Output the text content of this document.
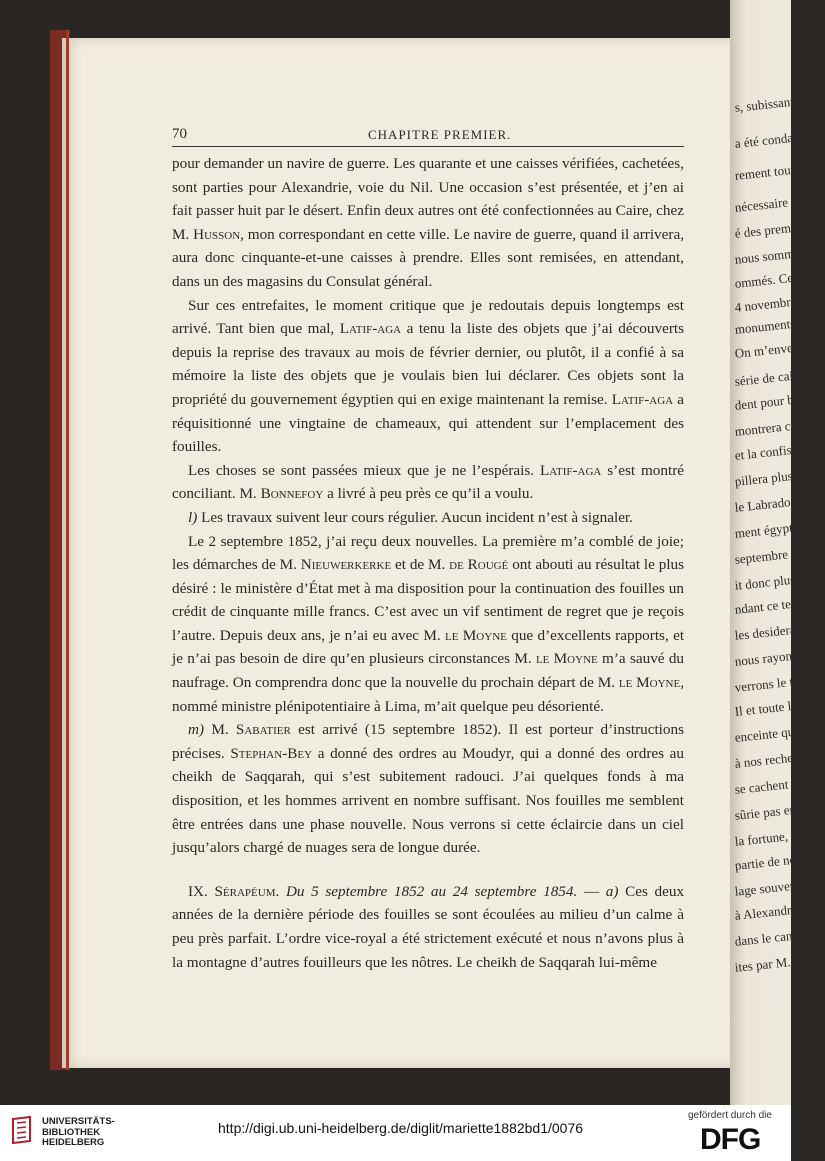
s, subissant quel
a été condamné.
rement toute lib
nécessaire pour p
é des premiers
nous sommes
ommés. Cepen
4 novembre 1
monuments dé
On m’enverra
série de caisse
dent pour bien
montrera concil
et la confiscati
pillera plus au
le Labrador e
ment égyptien, 1
septembre 18
it donc plus in
ndant ce temps
les desiderata q
nous rayon
verrons le ten
Il et toute la zo
enceinte que
à nos recherch
se cachent da
sûrie pas encor
la fortune, l
partie de notre
lage souvent t
à Alexandr
dans le canal
ites par M. de I
70	CHAPITRE PREMIER.

pour demander un navire de guerre. Les quarante et une caisses vérifiées, cachetées, sont parties pour Alexandrie, voie du Nil. Une occasion s’est présentée, et j’en ai fait passer huit par le désert. Enfin deux autres ont été confectionnées au Caire, chez M. Husson, mon correspondant en cette ville. Le navire de guerre, quand il arrivera, aura donc cinquante-et-une caisses à prendre. Elles sont remisées, en attendant, dans un des magasins du Consulat général.

Sur ces entrefaites, le moment critique que je redoutais depuis longtemps est arrivé. Tant bien que mal, Latif-aga a tenu la liste des objets que j’ai découverts depuis la reprise des travaux au mois de février dernier, ou plutôt, il a confié à sa mémoire la liste des objets que je voulais bien lui déclarer. Ces objets sont la propriété du gouvernement égyptien qui en exige maintenant la remise. Latif-aga a réquisitionné une vingtaine de chameaux, qui attendent sur l’emplacement des fouilles.

Les choses se sont passées mieux que je ne l’espérais. Latif-aga s’est montré conciliant. M. Bonnefoy a livré à peu près ce qu’il a voulu.

l) Les travaux suivent leur cours régulier. Aucun incident n’est à signaler.

Le 2 septembre 1852, j’ai reçu deux nouvelles. La première m’a comblé de joie; les démarches de M. Nieuwerkerke et de M. de Rougé ont abouti au résultat le plus désiré : le ministère d’État met à ma disposition pour la continuation des fouilles un crédit de cinquante mille francs. C’est avec un vif sentiment de regret que je reçois l’autre. Depuis deux ans, je n’ai eu avec M. le Moyne que d’excellents rapports, et je n’ai pas besoin de dire qu’en plusieurs circonstances M. le Moyne m’a sauvé du naufrage. On comprendra donc que la nouvelle du prochain départ de M. le Moyne, nommé ministre plénipotentiaire à Lima, m’ait quelque peu désorienté.

m) M. Sabatier est arrivé (15 septembre 1852). Il est porteur d’instructions précises. Stephan-Bey a donné des ordres au Moudyr, qui a donné des ordres au cheikh de Saqqarah, qui s’est subitement radouci. J’ai quelques fonds à ma disposition, et les hommes arrivent en nombre suffisant. Nos fouilles me semblent être entrées dans une phase nouvelle. Nous verrons si cette éclaircie dans un ciel jusqu’alors chargé de nuages sera de longue durée.

IX. Sérapéum. Du 5 septembre 1852 au 24 septembre 1854. — a) Ces deux années de la dernière période des fouilles se sont écoulées au milieu d’un calme à peu près parfait. L’ordre vice-royal a été strictement exécuté et nous n’avons plus à la montagne d’autres fouilleurs que les nôtres. Le cheikh de Saqqarah lui-même

UNIVERSITÄTS-
BIBLIOTHEK
HEIDELBERG
http://digi.ub.uni-heidelberg.de/diglit/mariette1882bd1/0076
gefördert durch die
DFG
